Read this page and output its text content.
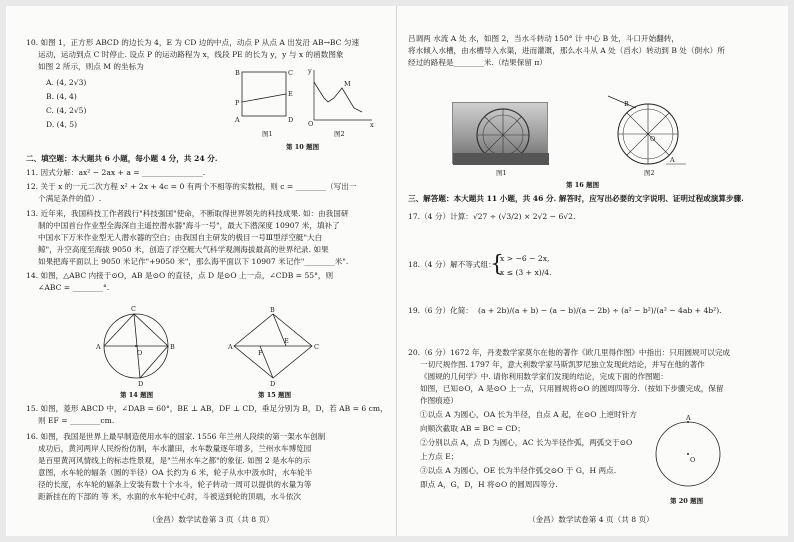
10. 如图 1，正方形 ABCD 的边长为 4，E 为 CD 边的中点，动点 P 从点 A 出发沿 AB→BC 匀速
运动，运动到点 C 时停止. 设点 P 的运动路程为 x，线段 PE 的长为 y，y 与 x 的函数图象
如图 2 所示，则点 M 的坐标为
A. (4, 2√3)
B. (4, 4)
C. (4, 2√5)
D. (4, 5)
B	C
A	D
E
P
图1
M
O	x
y
图2
第 10 题图
二、填空题：本大题共 6 小题，每小题 4 分，共 24 分.
11. 因式分解：ax² − 2ax + a = ________________.
12. 关于 x 的一元二次方程 x² + 2x + 4c = 0 有两个不相等的实数根，则 c = ________（写出一
个满足条件的值）.
13. 近年来，我国科技工作者践行"科技强国"使命，不断取得世界领先的科技成果. 如：由我国研
制的中国首台作业型全海深自主遥控潜水器"海斗一号"，最大下潜深度 10907 米，填补了
中国水下万米作业型无人潜水器的空白；由我国自主研发的极目一号Ⅲ型浮空艇"大白
鲸"，升空高度至海拔 9050 米，创造了浮空艇大气科学观测海拔最高的世界纪录. 如果
如果把海平面以上 9050 米记作"+9050 米"，那么海平面以下 10907 米记作"________米".
14. 如图，△ABC 内接于⊙O，AB 是⊙O 的直径，点 D 是⊙O 上一点，∠CDB = 55°，则
∠ABC = ________°.
A	B
C
D
O
第 14 题图
A
B
C
D
E
F
第 15 题图
15. 如图，菱形 ABCD 中，∠DAB = 60°，BE ⊥ AB，DF ⊥ CD，垂足分别为 B，D，若 AB = 6 cm，
则 EF = ________cm.
16. 如图，我国是世界上最早制造使用水车的国家. 1556 年兰州人段续的第一架水车创制
成功后，黄河两岸人民纷纷仿制，车水灌田，水车数量逐年增多，兰州水车博览园
是百里黄河风情线上的标志性景观，是"兰州水车之都"的象征. 如图 2 是水车的示
意图，水车轮的辐条（圆的半径）OA 长约为 6 米，轮子从水中汲水时，水车轮半
径的长度，水车轮的辐条上安装有数十个水斗，轮子转动一周可以提供的水量为等
距新挂在的下部的 等 米，水面的水车轮中心时，斗被送到轮的顶端，水斗依次
（金昌）数学试卷第 3 页（共 8 页）
吕调两 水流 A 处 水，如图 2，当水斗转动 150° 计 中心 B 处，斗口开始翻转，
将水倾入水槽，由水槽导入水渠，进而灌溉，那么水斗从 A 处（舀水）转动到 B 处（倒水）所
经过的路程是________米.（结果保留 π）
图1
A
B
O
图2
第 16 题图
三、解答题：本大题共 11 小题，共 46 分. 解答时，应写出必要的文字说明、证明过程或演算步骤.
17.（4 分）计算：√27 ÷ (√3/2) × 2√2 − 6√2.
18.（4 分）解不等式组：
{
x > −6 − 2x,
x ≤ (3 + x)/4.
19.（6 分）化简： (a + 2b)/(a + b) − (a − b)/(a − 2b) ÷ (a² − b²)/(a² − 4ab + 4b²).
20.（6 分）1672 年，丹麦数学家莫尔在他的著作《欧几里得作图》中指出：只用圆规可以完成
一切尺规作图. 1797 年，意大利数学家马斯凯罗尼独立发现此结论，并写在他的著作
《圆规的几何学》中. 请你利用数学家们发现的结论，完成下面的作图题：
如图，已知⊙O，A 是⊙O 上一点，只用圆规将⊙O 的圆周四等分.（按如下步骤完成，保留
作图痕迹）
①以点 A 为圆心，OA 长为半径，自点 A 起，在⊙O 上逆时针方
向顺次截取 AB = BC = CD；
②分别以点 A，点 D 为圆心，AC 长为半径作弧，两弧交于⊙O
上方点 E；
③以点 A 为圆心，OE 长为半径作弧交⊙O 于 G，H 两点.
即点 A，G，D，H 将⊙O 的圆周四等分.
A
O
第 20 题图
（金昌）数学试卷第 4 页（共 8 页）
